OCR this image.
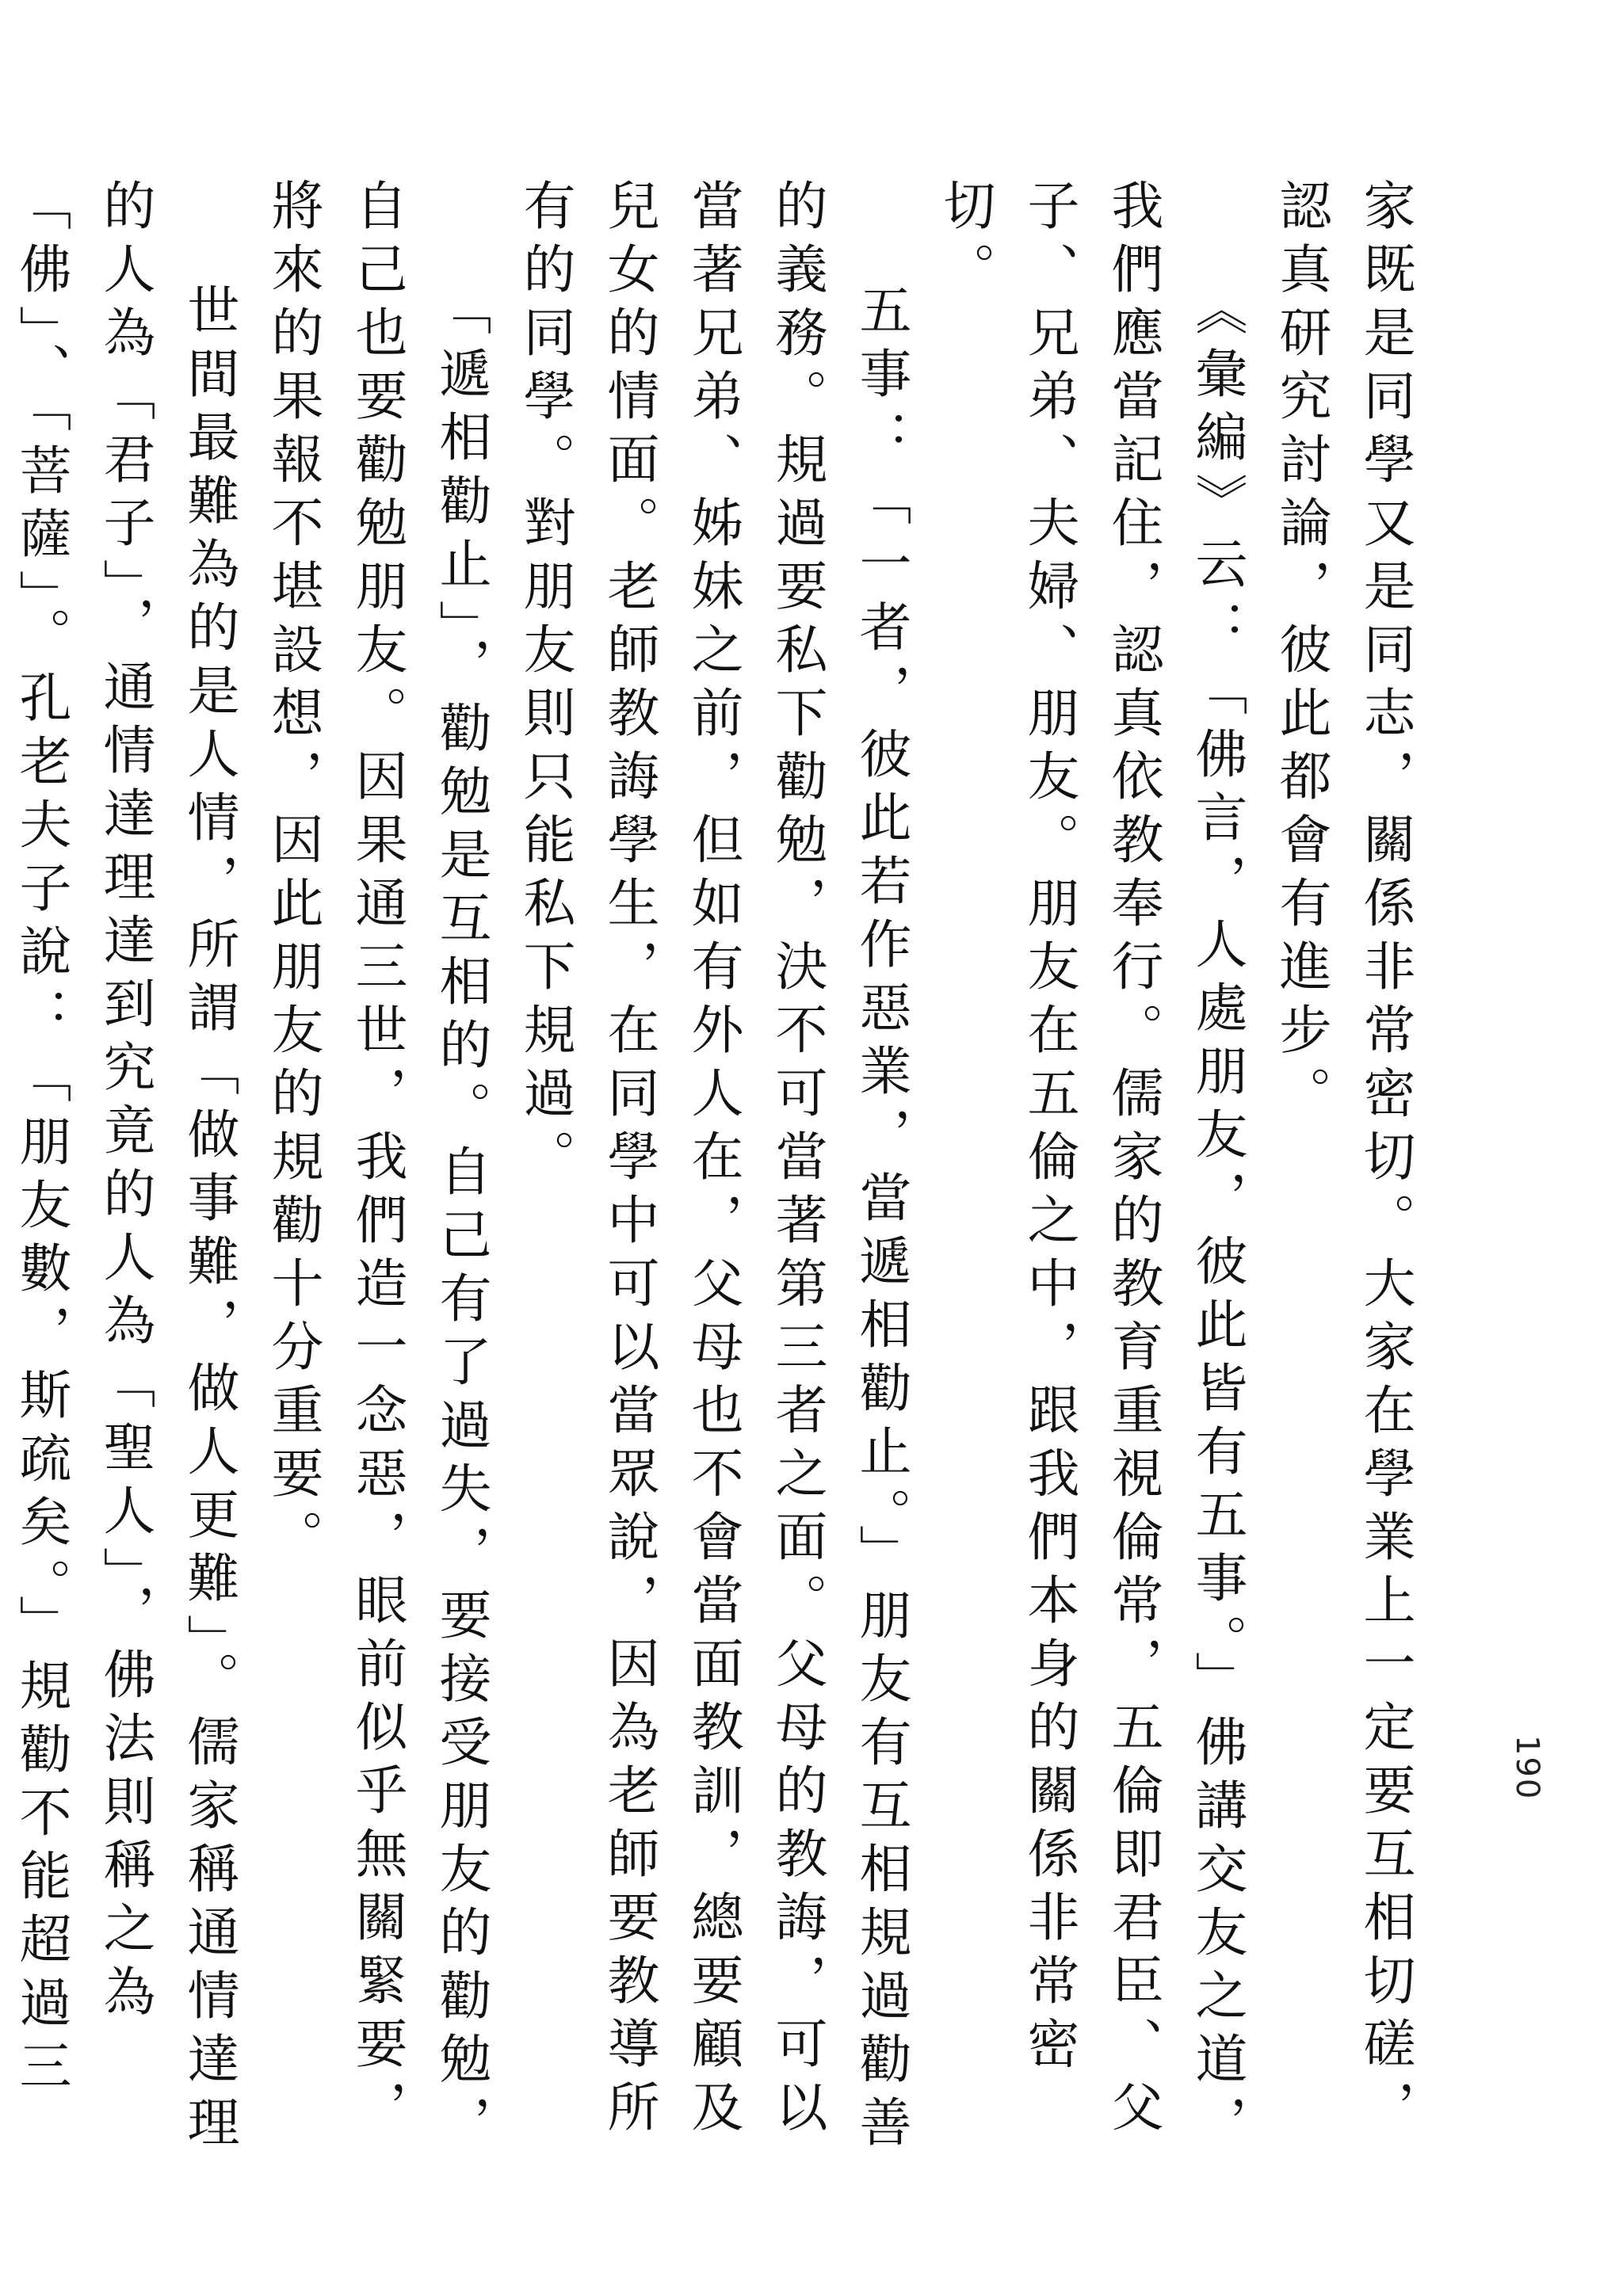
190

家既是同學又是同志，關係非常密切。大家在學業上一定要互相切磋，認真研究討論，彼此都會有進步。

《彙編》云：「佛言，人處朋友，彼此皆有五事。」佛講交友之道，我們應當記住，認真依教奉行。儒家的教育重視倫常，五倫即君臣、父子、兄弟、夫婦、朋友。朋友在五倫之中，跟我們本身的關係非常密切。

五事：「一者，彼此若作惡業，當遞相勸止。」朋友有互相規過勸善的義務。規過要私下勸勉，決不可當著第三者之面。父母的教誨，可以當著兄弟、姊妹之前，但如有外人在，父母也不會當面教訓，總要顧及兒女的情面。老師教誨學生，在同學中可以當眾說，因為老師要教導所有的同學。對朋友則只能私下規過。

「遞相勸止」，勸勉是互相的。自己有了過失，要接受朋友的勸勉，自己也要勸勉朋友。因果通三世，我們造一念惡，眼前似乎無關緊要，將來的果報不堪設想，因此朋友的規勸十分重要。

世間最難為的是人情，所謂「做事難，做人更難」。儒家稱通情達理的人為「君子」，通情達理達到究竟的人為「聖人」，佛法則稱之為「佛」、「菩薩」。孔老夫子說：「朋友數，斯疏矣。」規勸不能超過三
